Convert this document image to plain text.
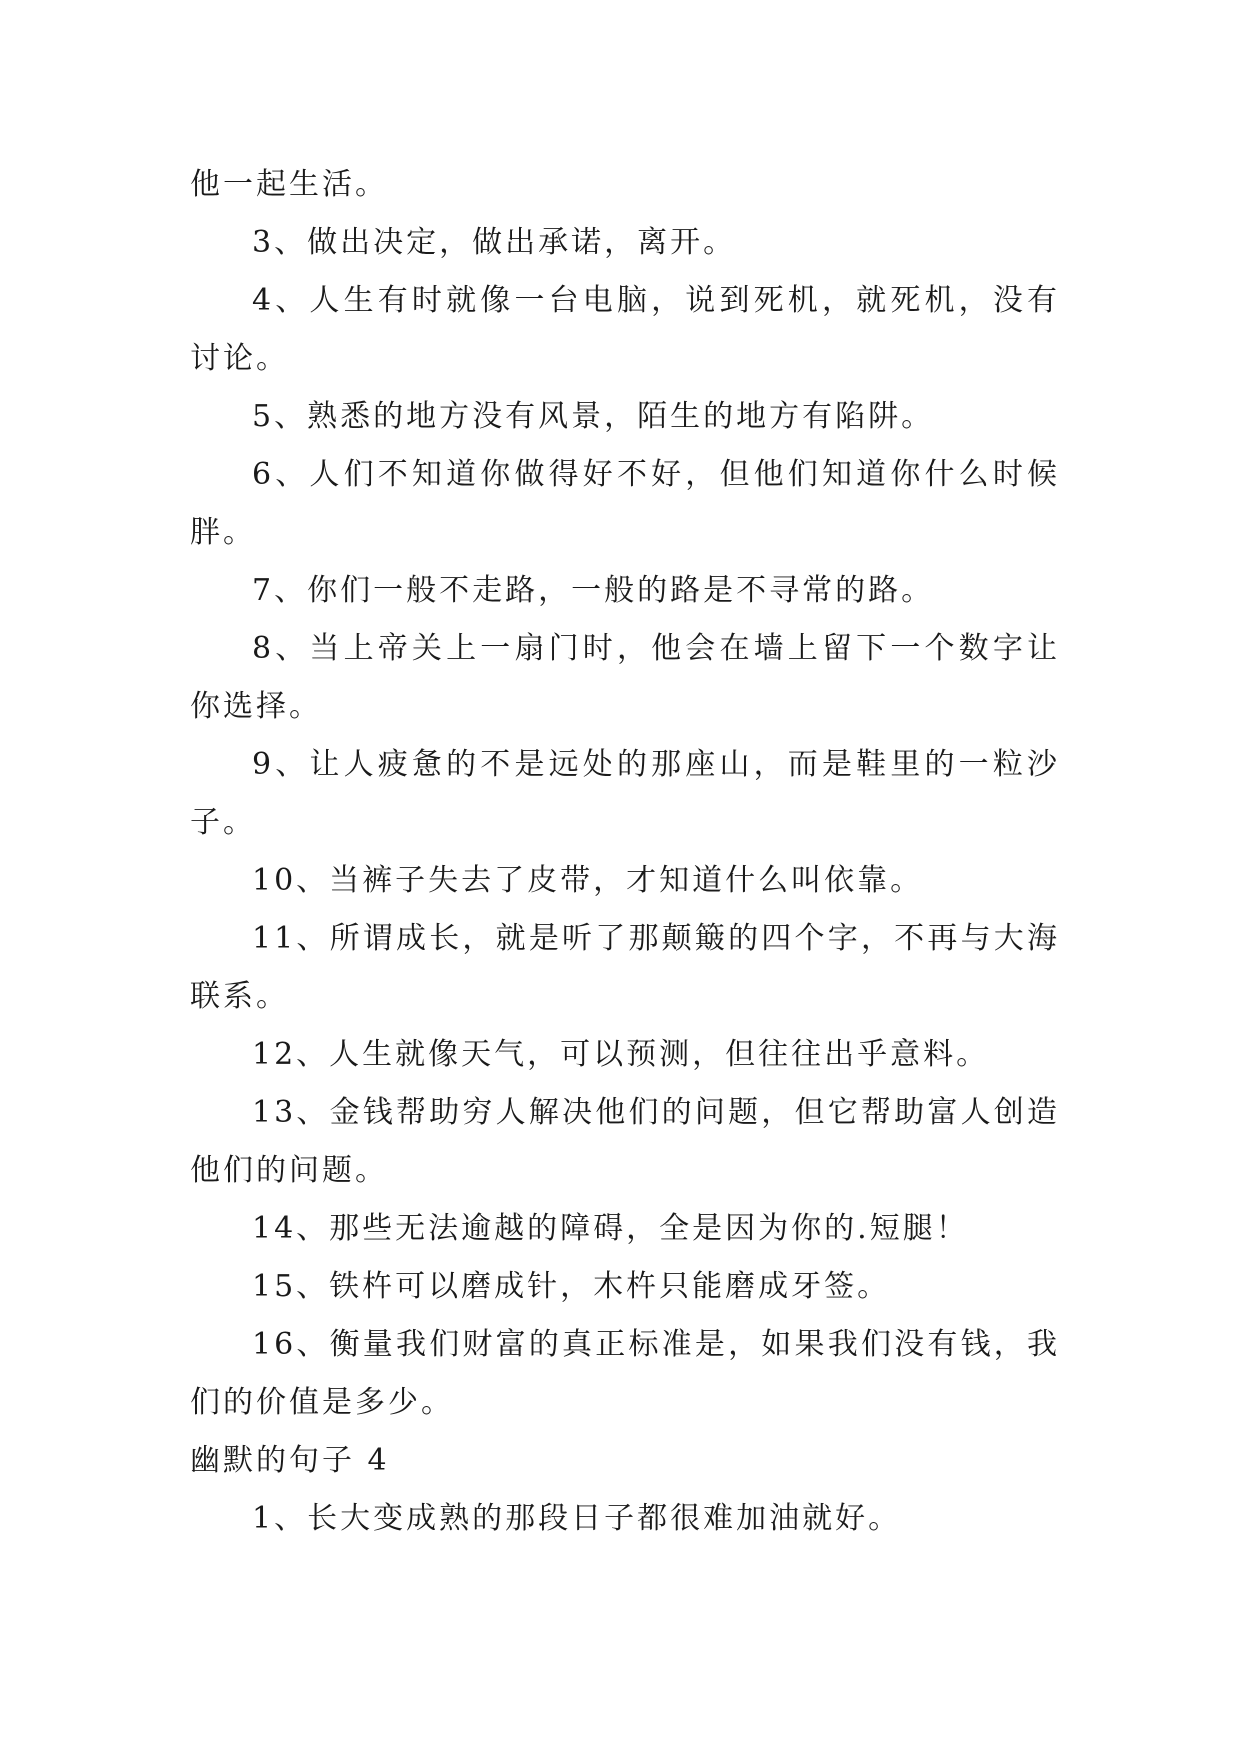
他一起生活。
3、做出决定，做出承诺，离开。
4、人生有时就像一台电脑，说到死机，就死机，没有
讨论。
5、熟悉的地方没有风景，陌生的地方有陷阱。
6、人们不知道你做得好不好，但他们知道你什么时候
胖。
7、你们一般不走路，一般的路是不寻常的路。
8、当上帝关上一扇门时，他会在墙上留下一个数字让
你选择。
9、让人疲惫的不是远处的那座山，而是鞋里的一粒沙
子。
10、当裤子失去了皮带，才知道什么叫依靠。
11、所谓成长，就是听了那颠簸的四个字，不再与大海
联系。
12、人生就像天气，可以预测，但往往出乎意料。
13、金钱帮助穷人解决他们的问题，但它帮助富人创造
他们的问题。
14、那些无法逾越的障碍，全是因为你的.短腿！
15、铁杵可以磨成针，木杵只能磨成牙签。
16、衡量我们财富的真正标准是，如果我们没有钱，我
们的价值是多少。
幽默的句子 4
1、长大变成熟的那段日子都很难加油就好。
